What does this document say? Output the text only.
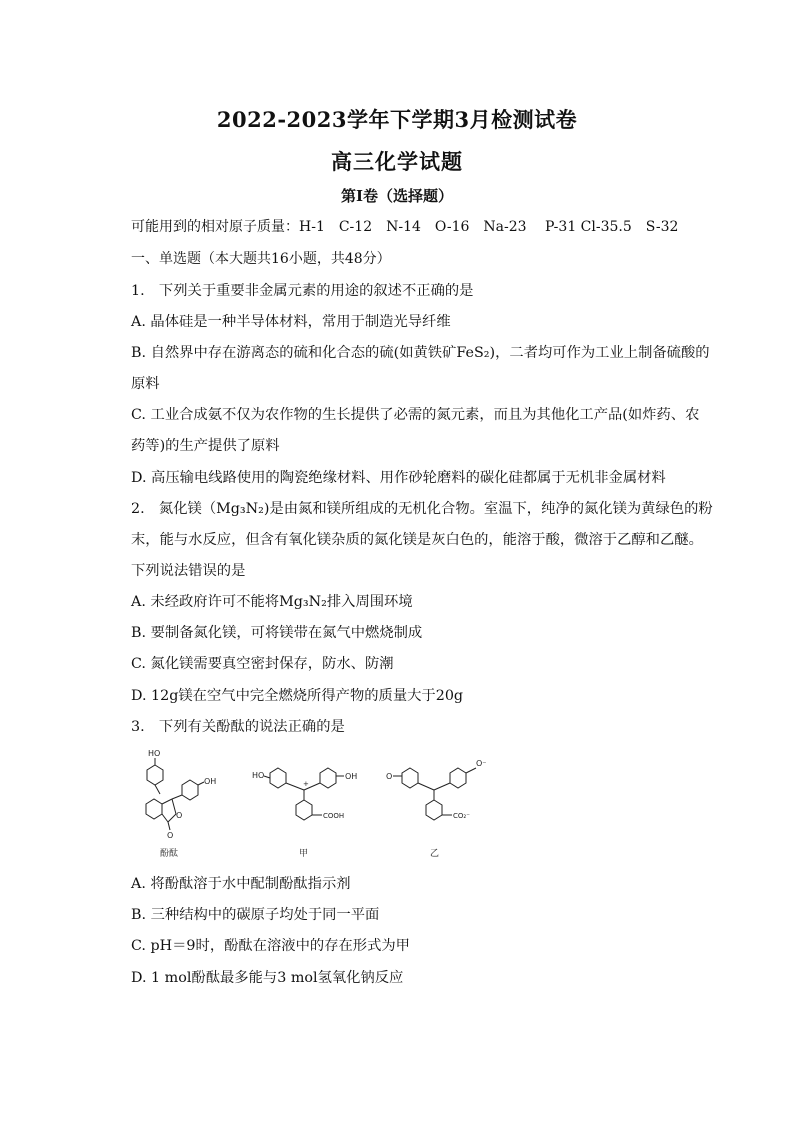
2022-2023学年下学期3月检测试卷
高三化学试题
第Ⅰ卷（选择题）
可能用到的相对原子质量：H-1　C-12　N-14　O-16　Na-23　 P-31 Cl-35.5　S-32
一、单选题（本大题共16小题，共48分）
1.　下列关于重要非金属元素的用途的叙述不正确的是
A. 晶体硅是一种半导体材料，常用于制造光导纤维
B. 自然界中存在游离态的硫和化合态的硫(如黄铁矿FeS₂)，二者均可作为工业上制备硫酸的
原料
C. 工业合成氨不仅为农作物的生长提供了必需的氮元素，而且为其他化工产品(如炸药、农
药等)的生产提供了原料
D. 高压输电线路使用的陶瓷绝缘材料、用作砂轮磨料的碳化硅都属于无机非金属材料
2.　氮化镁（Mg₃N₂)是由氮和镁所组成的无机化合物。室温下，纯净的氮化镁为黄绿色的粉
末，能与水反应，但含有氧化镁杂质的氮化镁是灰白色的，能溶于酸，微溶于乙醇和乙醚。
下列说法错误的是
A. 未经政府许可不能将Mg₃N₂排入周围环境
B. 要制备氮化镁，可将镁带在氮气中燃烧制成
C. 氮化镁需要真空密封保存，防水、防潮
D. 12g镁在空气中完全燃烧所得产物的质量大于20g
3.　下列有关酚酞的说法正确的是
HO
OH
O
O
酚酞
HO
+
OH
COOH
甲
O
O⁻
CO₂⁻
乙
A. 将酚酞溶于水中配制酚酞指示剂
B. 三种结构中的碳原子均处于同一平面
C. pH＝9时，酚酞在溶液中的存在形式为甲
D. 1 mol酚酞最多能与3 mol氢氧化钠反应
